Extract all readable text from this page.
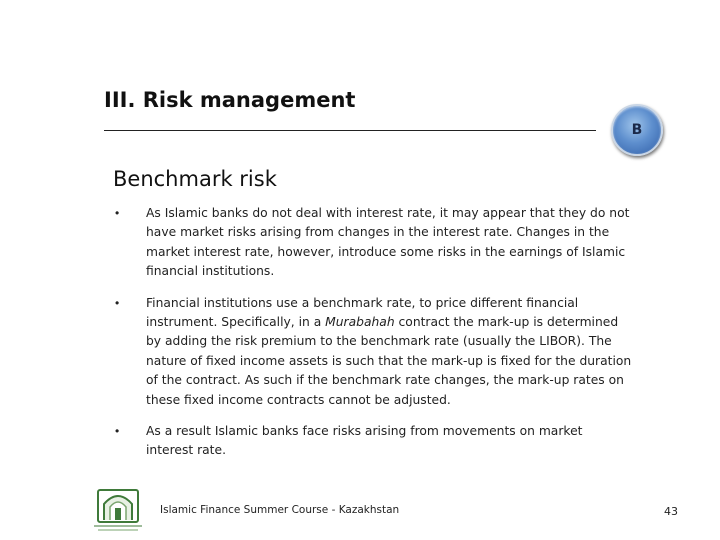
III. Risk management
B
Benchmark risk
•	As Islamic banks do not deal with interest rate, it may appear that they do not have market risks arising from changes in the interest rate. Changes in the market interest rate, however, introduce some risks in the earnings of Islamic financial institutions.
•	Financial institutions use a benchmark rate, to price different financial instrument. Specifically, in a Murabahah contract the mark-up is determined by adding the risk premium to the benchmark rate (usually the LIBOR). The nature of fixed income assets is such that the mark-up is fixed for the duration of the contract. As such if the benchmark rate changes, the mark-up rates on these fixed income contracts cannot be adjusted.
•	As a result Islamic banks face risks arising from movements on market interest rate.
Islamic Finance Summer Course - Kazakhstan	43
